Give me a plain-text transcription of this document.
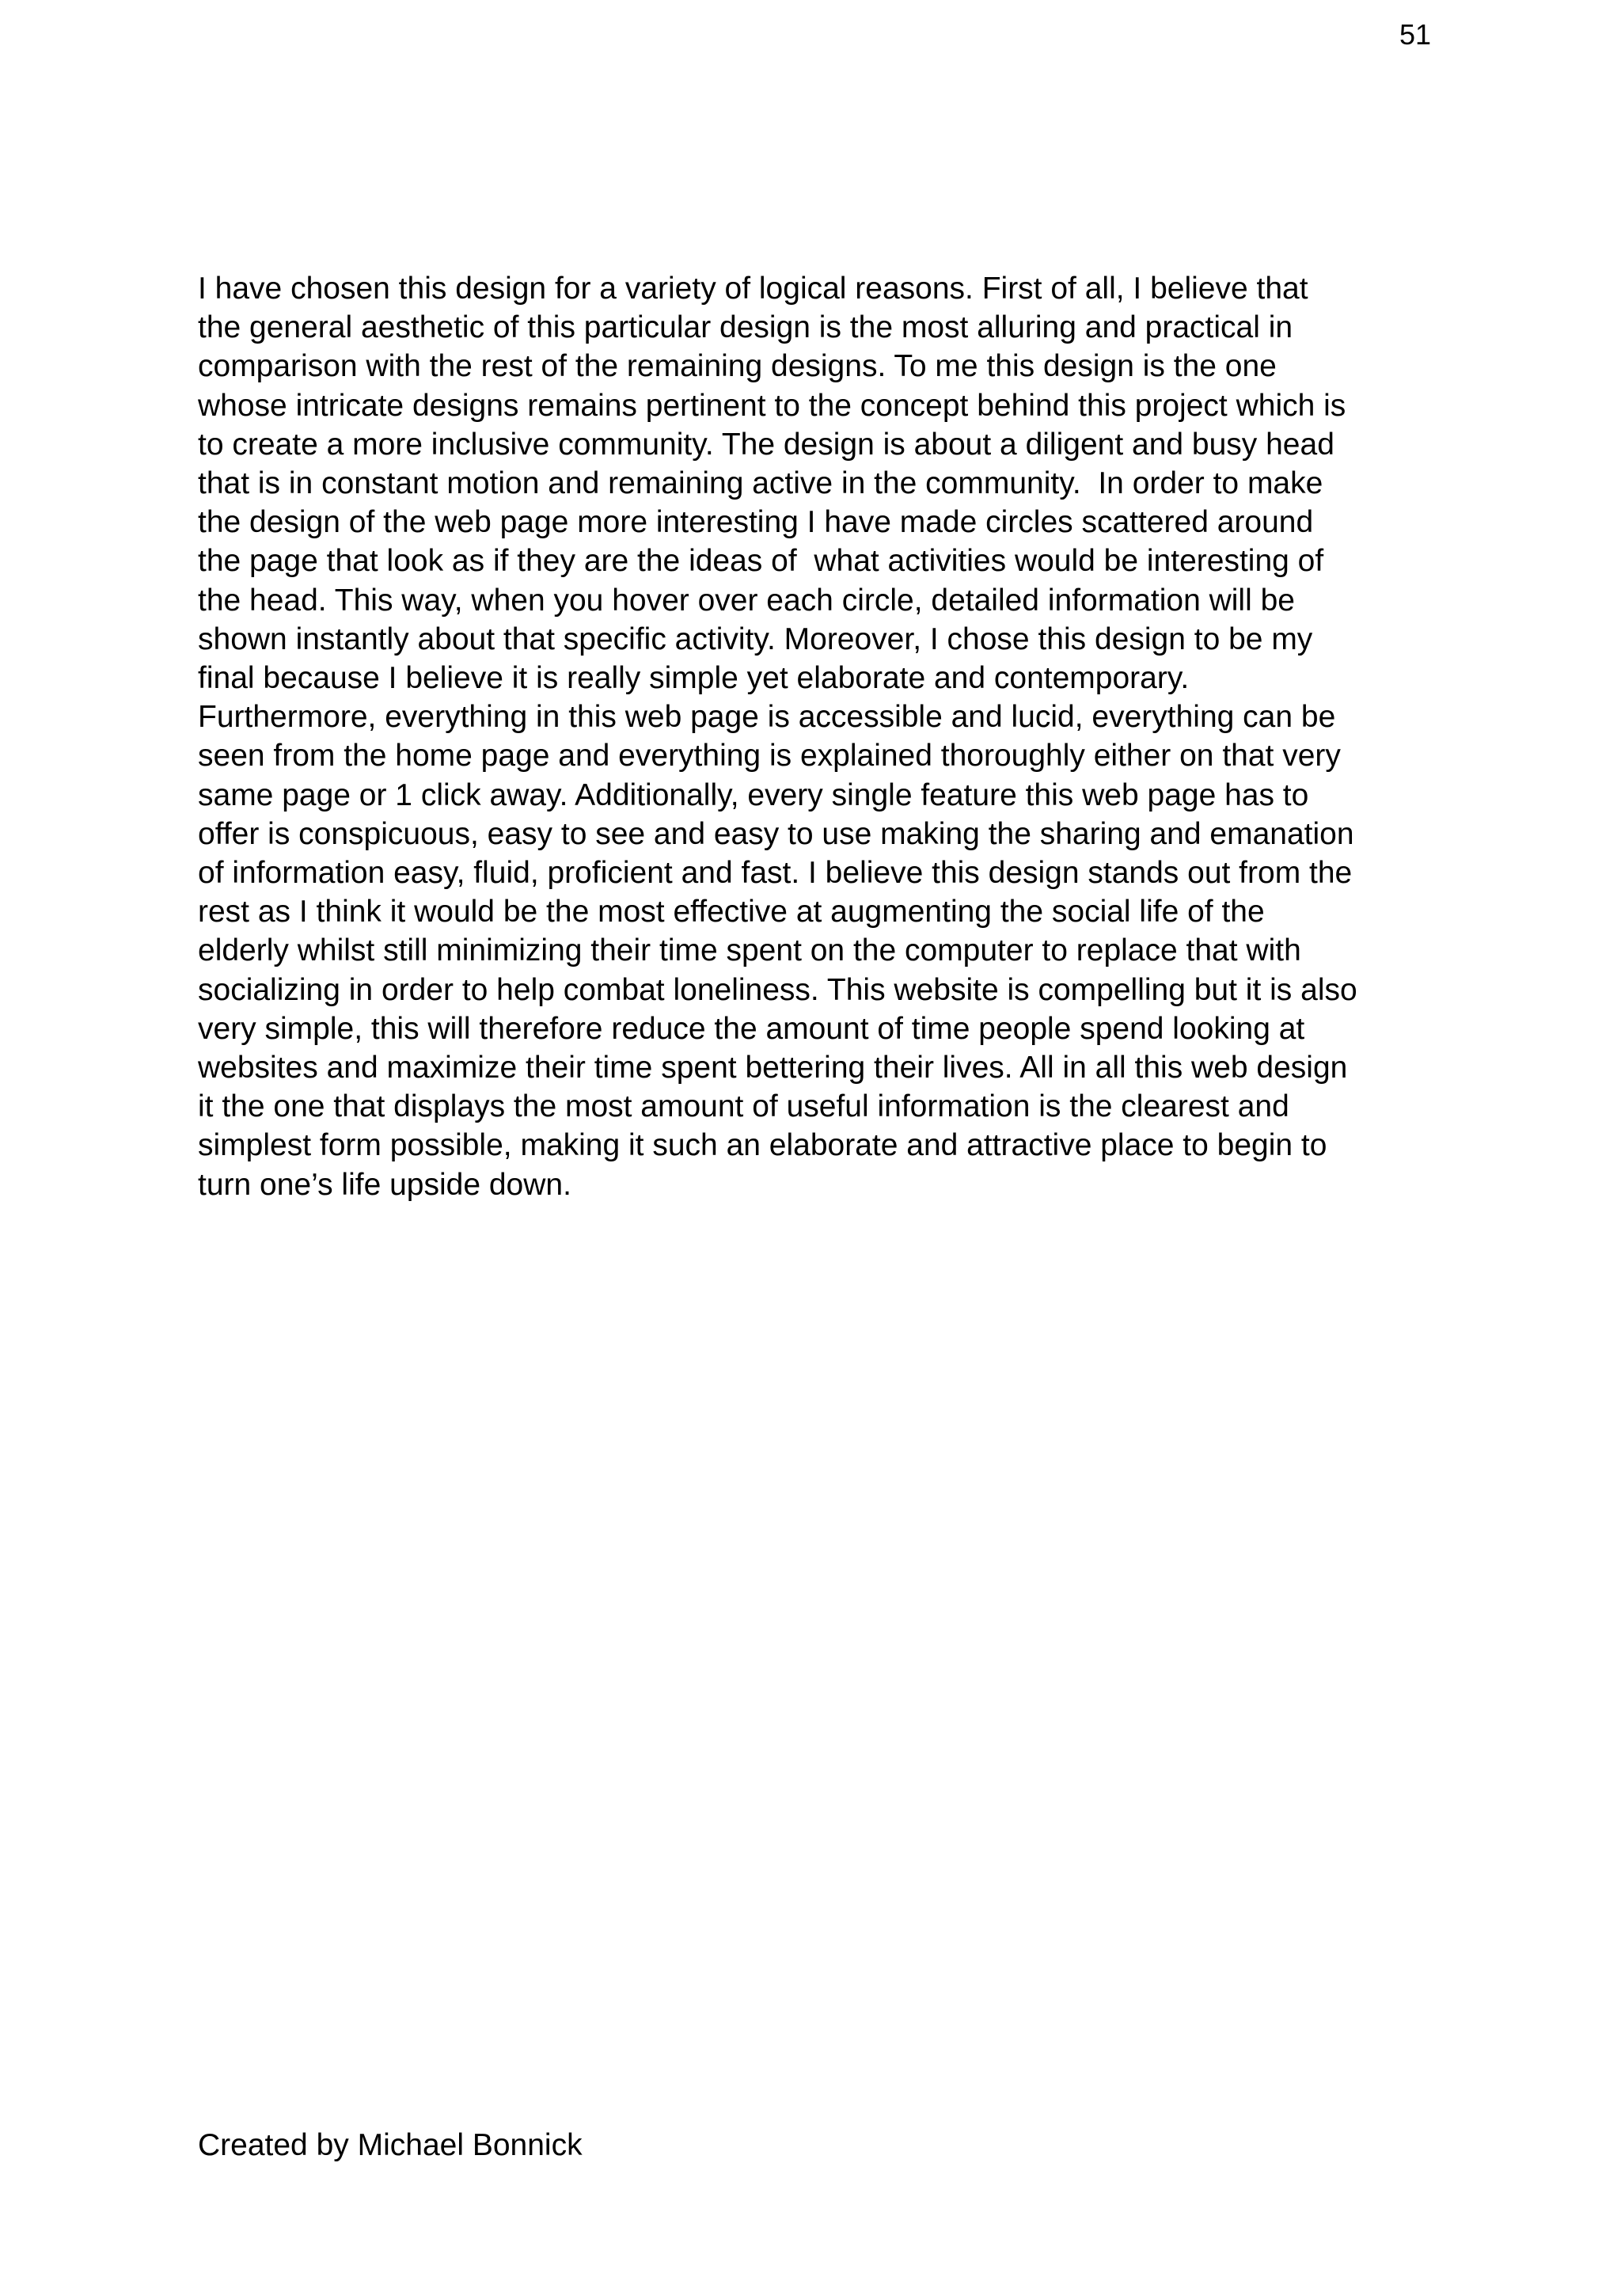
51
I have chosen this design for a variety of logical reasons. First of all, I believe that
the general aesthetic of this particular design is the most alluring and practical in
comparison with the rest of the remaining designs. To me this design is the one
whose intricate designs remains pertinent to the concept behind this project which is
to create a more inclusive community. The design is about a diligent and busy head
that is in constant motion and remaining active in the community.  In order to make
the design of the web page more interesting I have made circles scattered around
the page that look as if they are the ideas of  what activities would be interesting of
the head. This way, when you hover over each circle, detailed information will be
shown instantly about that specific activity. Moreover, I chose this design to be my
final because I believe it is really simple yet elaborate and contemporary.
Furthermore, everything in this web page is accessible and lucid, everything can be
seen from the home page and everything is explained thoroughly either on that very
same page or 1 click away. Additionally, every single feature this web page has to
offer is conspicuous, easy to see and easy to use making the sharing and emanation
of information easy, fluid, proficient and fast. I believe this design stands out from the
rest as I think it would be the most effective at augmenting the social life of the
elderly whilst still minimizing their time spent on the computer to replace that with
socializing in order to help combat loneliness. This website is compelling but it is also
very simple, this will therefore reduce the amount of time people spend looking at
websites and maximize their time spent bettering their lives. All in all this web design
it the one that displays the most amount of useful information is the clearest and
simplest form possible, making it such an elaborate and attractive place to begin to
turn one’s life upside down.
Created by Michael Bonnick
